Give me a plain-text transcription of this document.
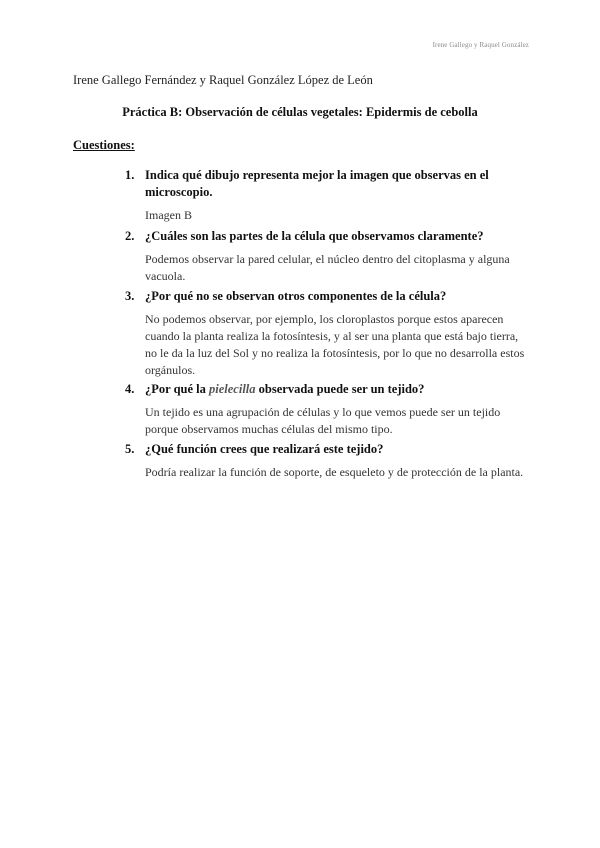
Irene Gallego y Raquel González
Irene Gallego Fernández y Raquel González López de León
Práctica B: Observación de células vegetales: Epidermis de cebolla
Cuestiones:
1. Indica qué dibujo representa mejor la imagen que observas en el microscopio.
Imagen B
2. ¿Cuáles son las partes de la célula que observamos claramente?
Podemos observar la pared celular, el núcleo dentro del citoplasma y alguna vacuola.
3. ¿Por qué no se observan otros componentes de la célula?
No podemos observar, por ejemplo, los cloroplastos porque estos aparecen cuando la planta realiza la fotosíntesis, y al ser una planta que está bajo tierra, no le da la luz del Sol y no realiza la fotosíntesis, por lo que no desarrolla estos orgánulos.
4. ¿Por qué la pielecilla observada puede ser un tejido?
Un tejido es una agrupación de células y lo que vemos puede ser un tejido porque observamos muchas células del mismo tipo.
5. ¿Qué función crees que realizará este tejido?
Podría realizar la función de soporte, de esqueleto y de protección de la planta.
